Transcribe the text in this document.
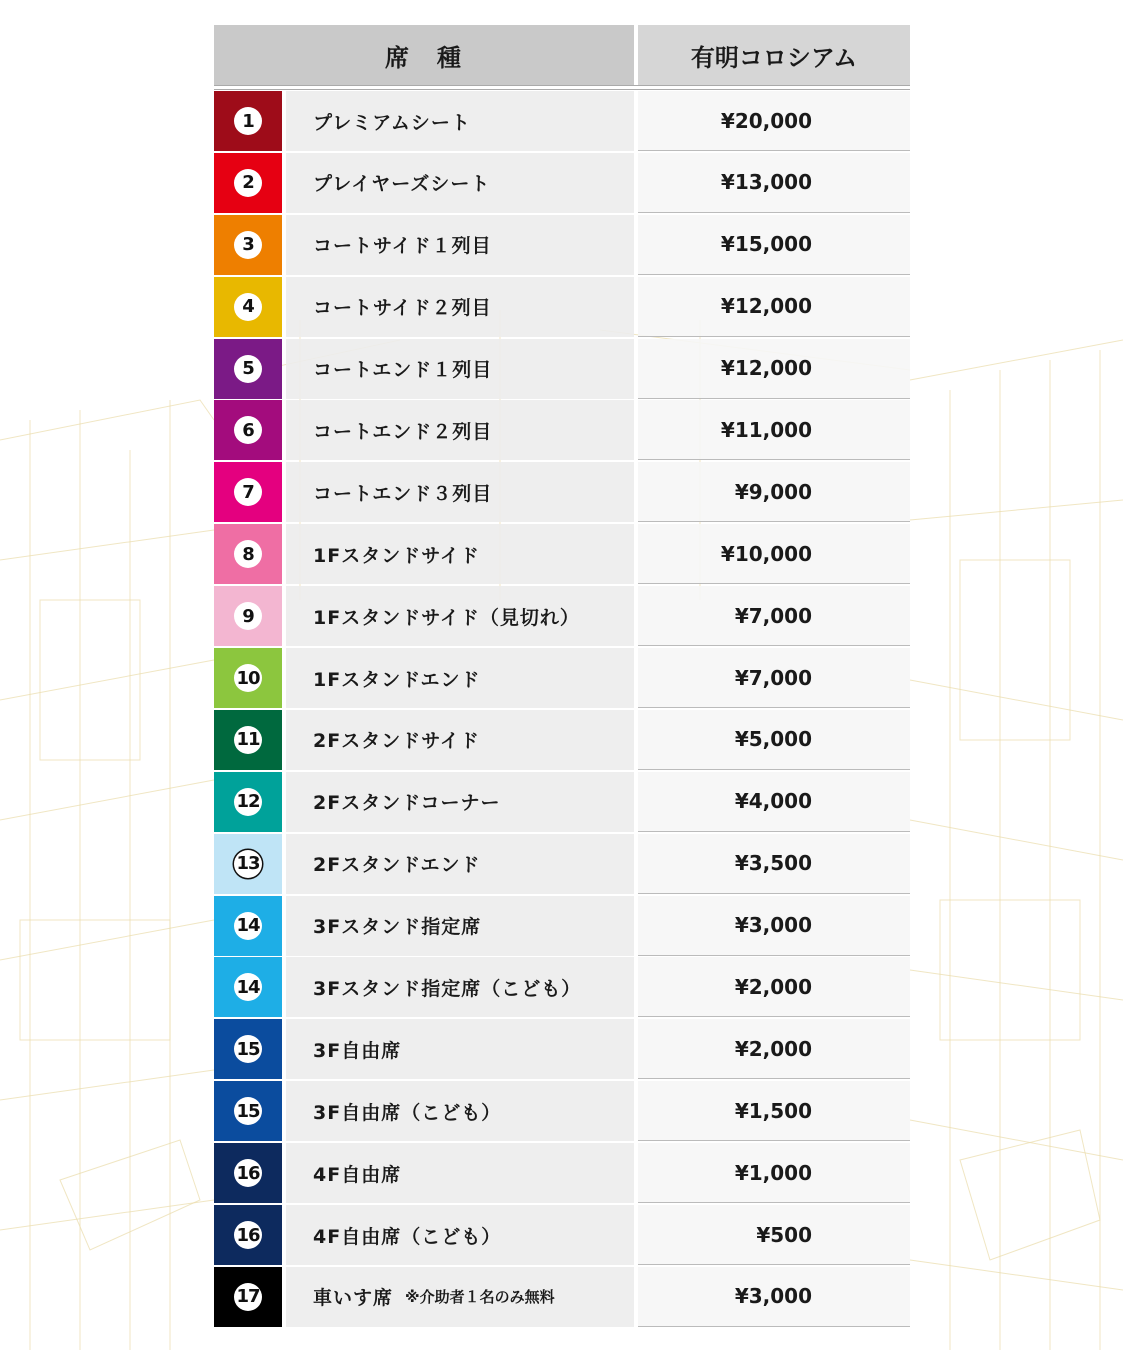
席　種	有明コロシアム
1	プレミアムシート	¥20,000
2	プレイヤーズシート	¥13,000
3	コートサイド１列目	¥15,000
4	コートサイド２列目	¥12,000
5	コートエンド１列目	¥12,000
6	コートエンド２列目	¥11,000
7	コートエンド３列目	¥9,000
8	1Fスタンドサイド	¥10,000
9	1Fスタンドサイド（見切れ）	¥7,000
10	1Fスタンドエンド	¥7,000
11	2Fスタンドサイド	¥5,000
12	2Fスタンドコーナー	¥4,000
13	2Fスタンドエンド	¥3,500
14	3Fスタンド指定席	¥3,000
14	3Fスタンド指定席（こども）	¥2,000
15	3F自由席	¥2,000
15	3F自由席（こども）	¥1,500
16	4F自由席	¥1,000
16	4F自由席（こども）	¥500
17	車いす席 ※介助者１名のみ無料	¥3,000
